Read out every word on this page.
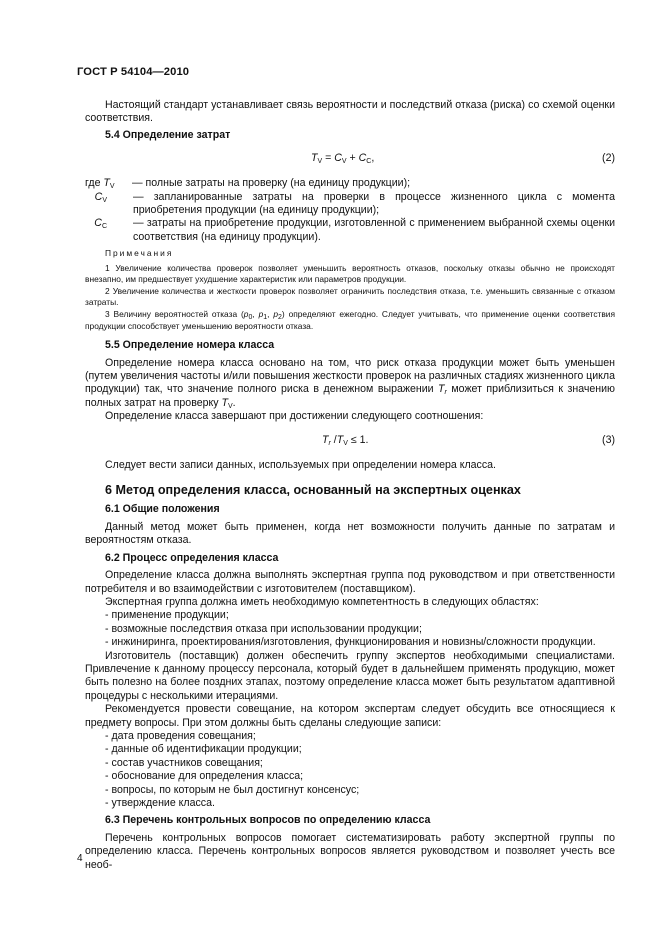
ГОСТ Р 54104—2010

Настоящий стандарт устанавливает связь вероятности и последствий отказа (риска) со схемой оценки соответствия.

5.4 Определение затрат

$T_V = C_V + C_C$,	(2)
где $T_V$	— полные затраты на проверку (на единицу продукции);
$C_V$ — запланированные затраты на проверки в процессе жизненного цикла с момента приобретения продукции (на единицу продукции);
$C_C$ — затраты на приобретение продукции, изготовленной с применением выбранной схемы оценки соответствия (на единицу продукции).

Примечания

1 Увеличение количества проверок позволяет уменьшить вероятность отказов, поскольку отказы обычно не происходят внезапно, им предшествует ухудшение характеристик или параметров продукции.

2 Увеличение количества и жесткости проверок позволяет ограничить последствия отказа, т.е. уменьшить связанные с отказом затраты.

3 Величину вероятностей отказа ($p_0$, $p_1$, $p_2$) определяют ежегодно. Следует учитывать, что применение оценки соответствия продукции способствует уменьшению вероятности отказа.

5.5 Определение номера класса

Определение номера класса основано на том, что риск отказа продукции может быть уменьшен (путем увеличения частоты и/или повышения жесткости проверок на различных стадиях жизненного цикла продукции) так, что значение полного риска в денежном выражении $T_r$ может приблизиться к значению полных затрат на проверку $T_V$.

Определение класса завершают при достижении следующего соотношения:

$T_r$ $/T_V \le 1$.	(3)

Следует вести записи данных, используемых при определении номера класса.

6 Метод определения класса, основанный на экспертных оценках

6.1 Общие положения

Данный метод может быть применен, когда нет возможности получить данные по затратам и вероятностям отказа.

6.2 Процесс определения класса

Определение класса должна выполнять экспертная группа под руководством и при ответственности потребителя и во взаимодействии с изготовителем (поставщиком).

Экспертная группа должна иметь необходимую компетентность в следующих областях:

- применение продукции;

- возможные последствия отказа при использовании продукции;

- инжиниринга, проектирования/изготовления, функционирования и новизны/сложности продукции.

Изготовитель (поставщик) должен обеспечить группу экспертов необходимыми специалистами. Привлечение к данному процессу персонала, который будет в дальнейшем применять продукцию, может быть полезно на более поздних этапах, поэтому определение класса может быть результатом адаптивной процедуры с несколькими итерациями.

Рекомендуется провести совещание, на котором экспертам следует обсудить все относящиеся к предмету вопросы. При этом должны быть сделаны следующие записи:

- дата проведения совещания;

- данные об идентификации продукции;

- состав участников совещания;

- обоснование для определения класса;

- вопросы, по которым не был достигнут консенсус;

- утверждение класса.

6.3 Перечень контрольных вопросов по определению класса

Перечень контрольных вопросов помогает систематизировать работу экспертной группы по определению класса. Перечень контрольных вопросов является руководством и позволяет учесть все необ-

4
